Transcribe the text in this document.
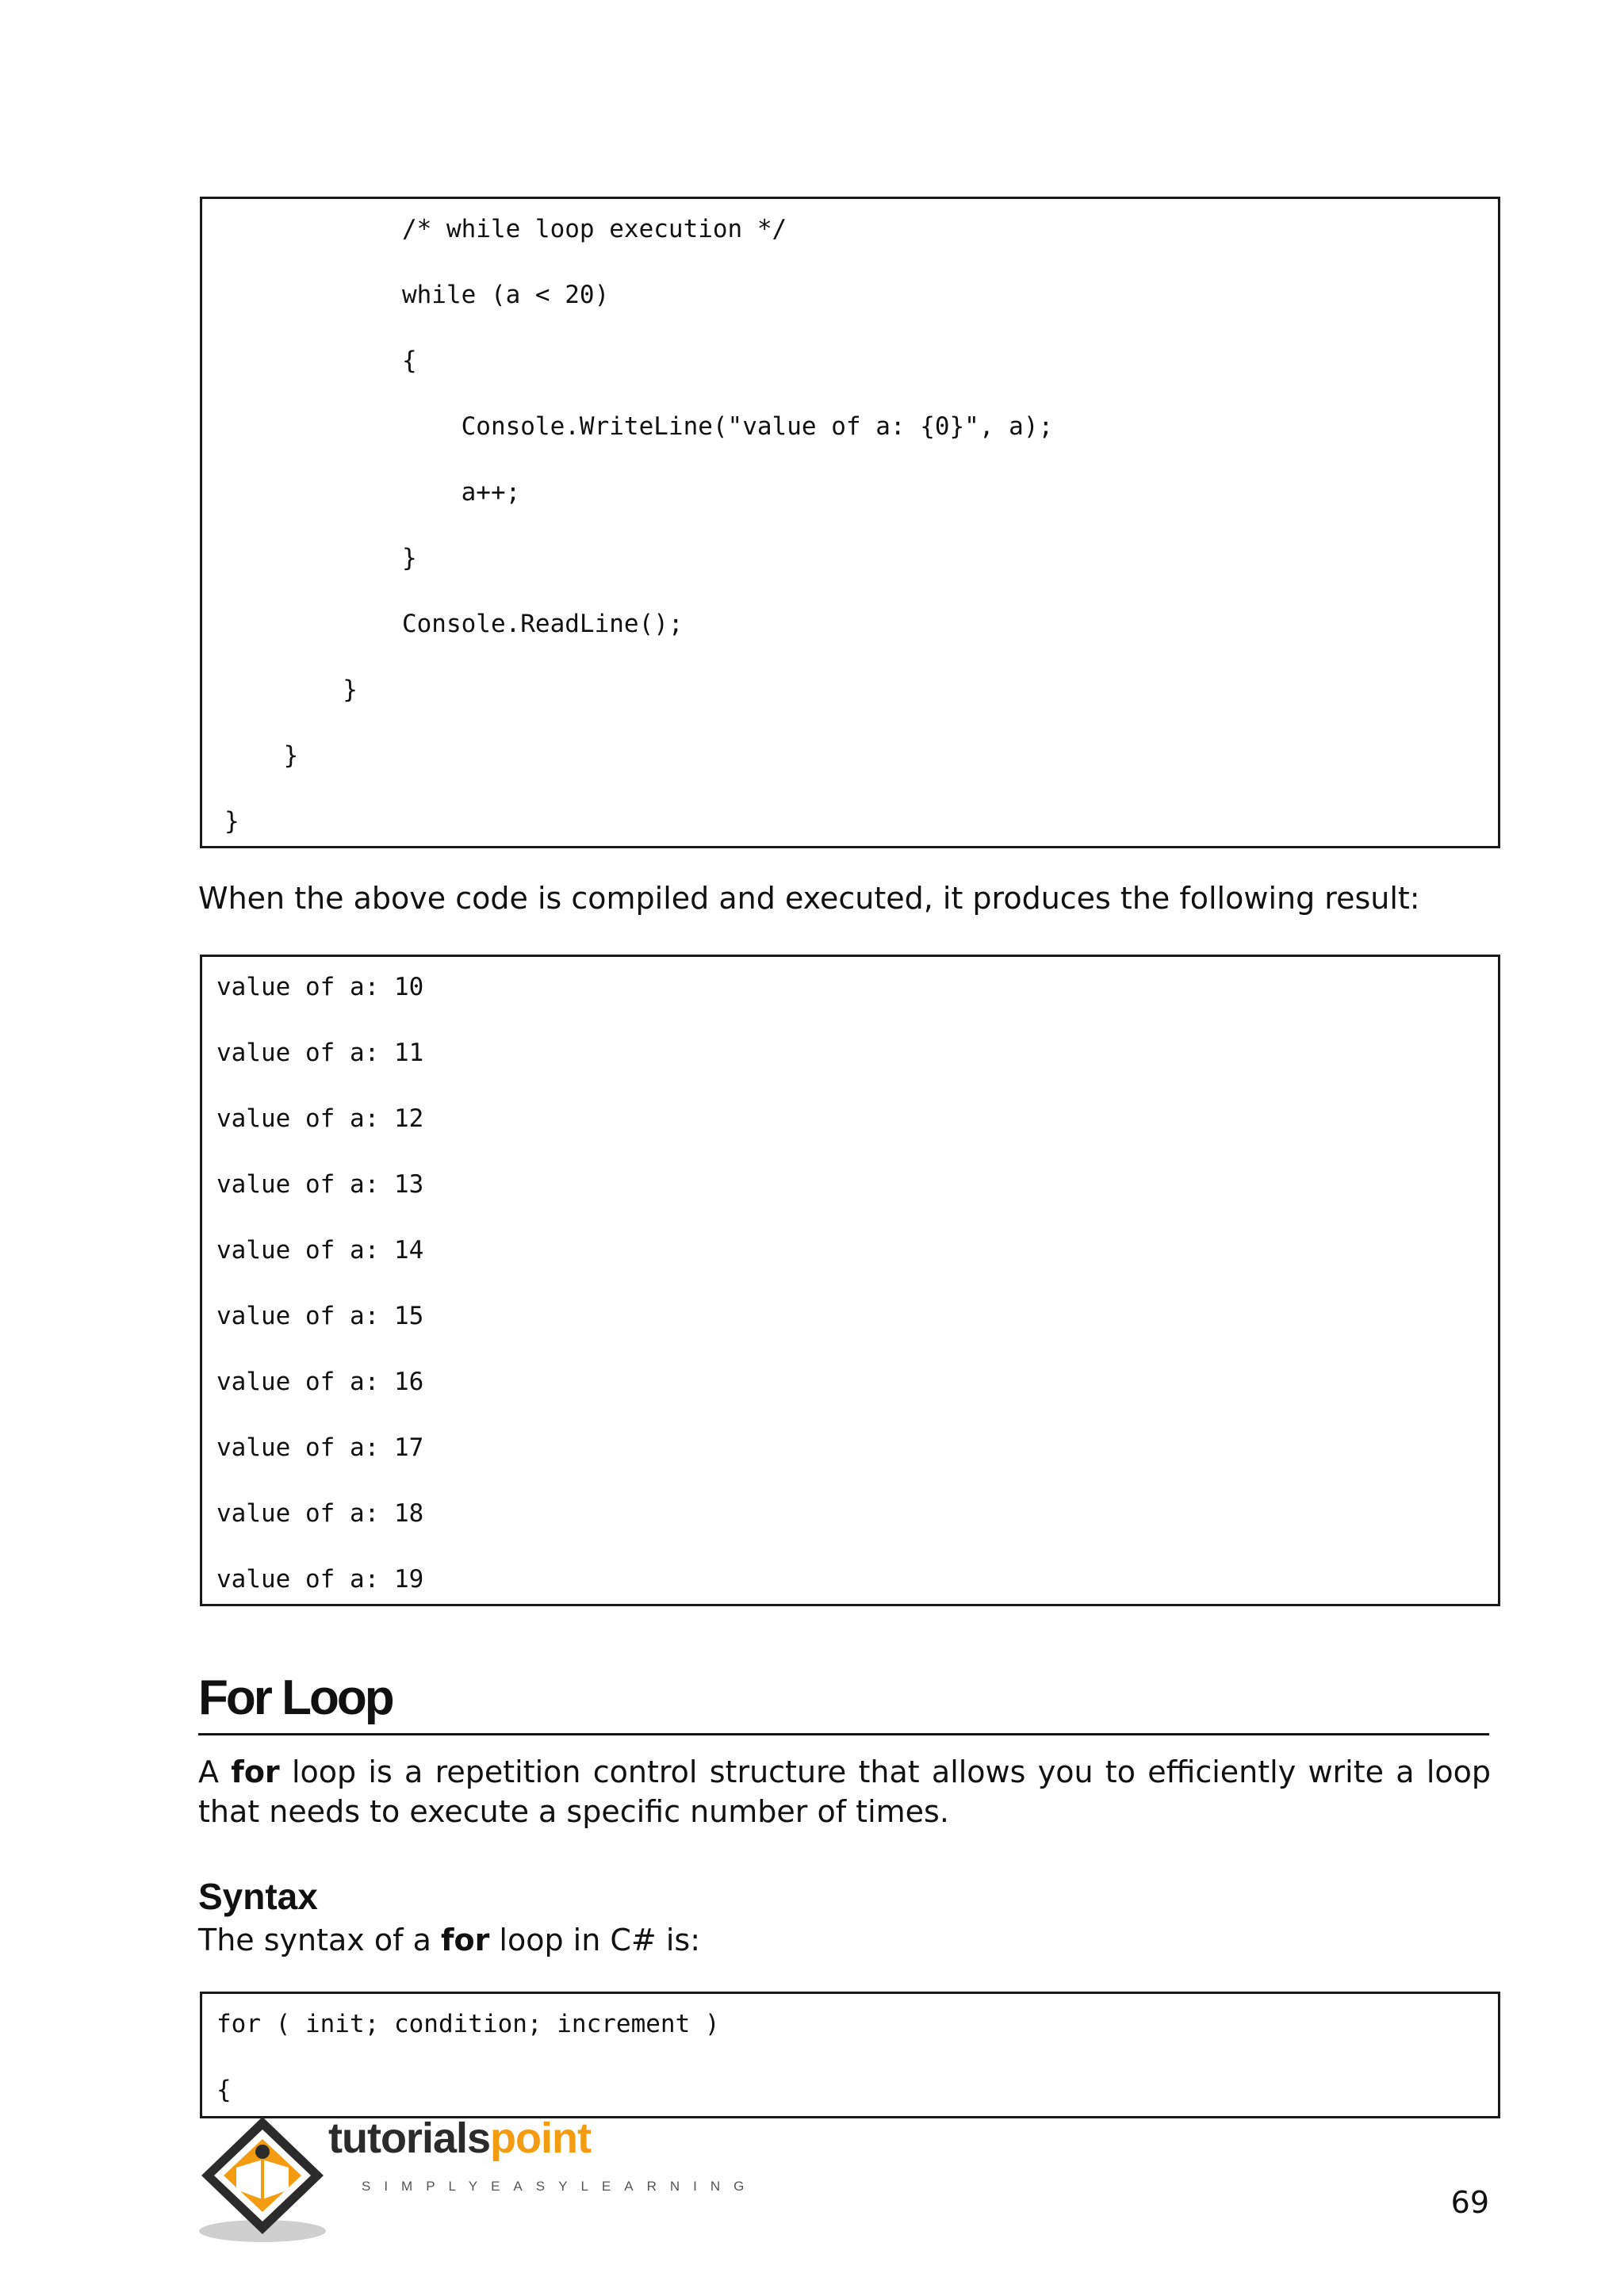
/* while loop execution */
while (a < 20)
{
Console.WriteLine("value of a: {0}", a);
a++;
}
Console.ReadLine();
}
}
}
When the above code is compiled and executed, it produces the following result:
value of a: 10
value of a: 11
value of a: 12
value of a: 13
value of a: 14
value of a: 15
value of a: 16
value of a: 17
value of a: 18
value of a: 19
For Loop
A for loop is a repetition control structure that allows you to efficiently write a loop
that needs to execute a specific number of times.
Syntax
The syntax of a for loop in C# is:
for ( init; condition; increment )
{
tutorialspoint
SIMPLYEASYLEARNING	69
